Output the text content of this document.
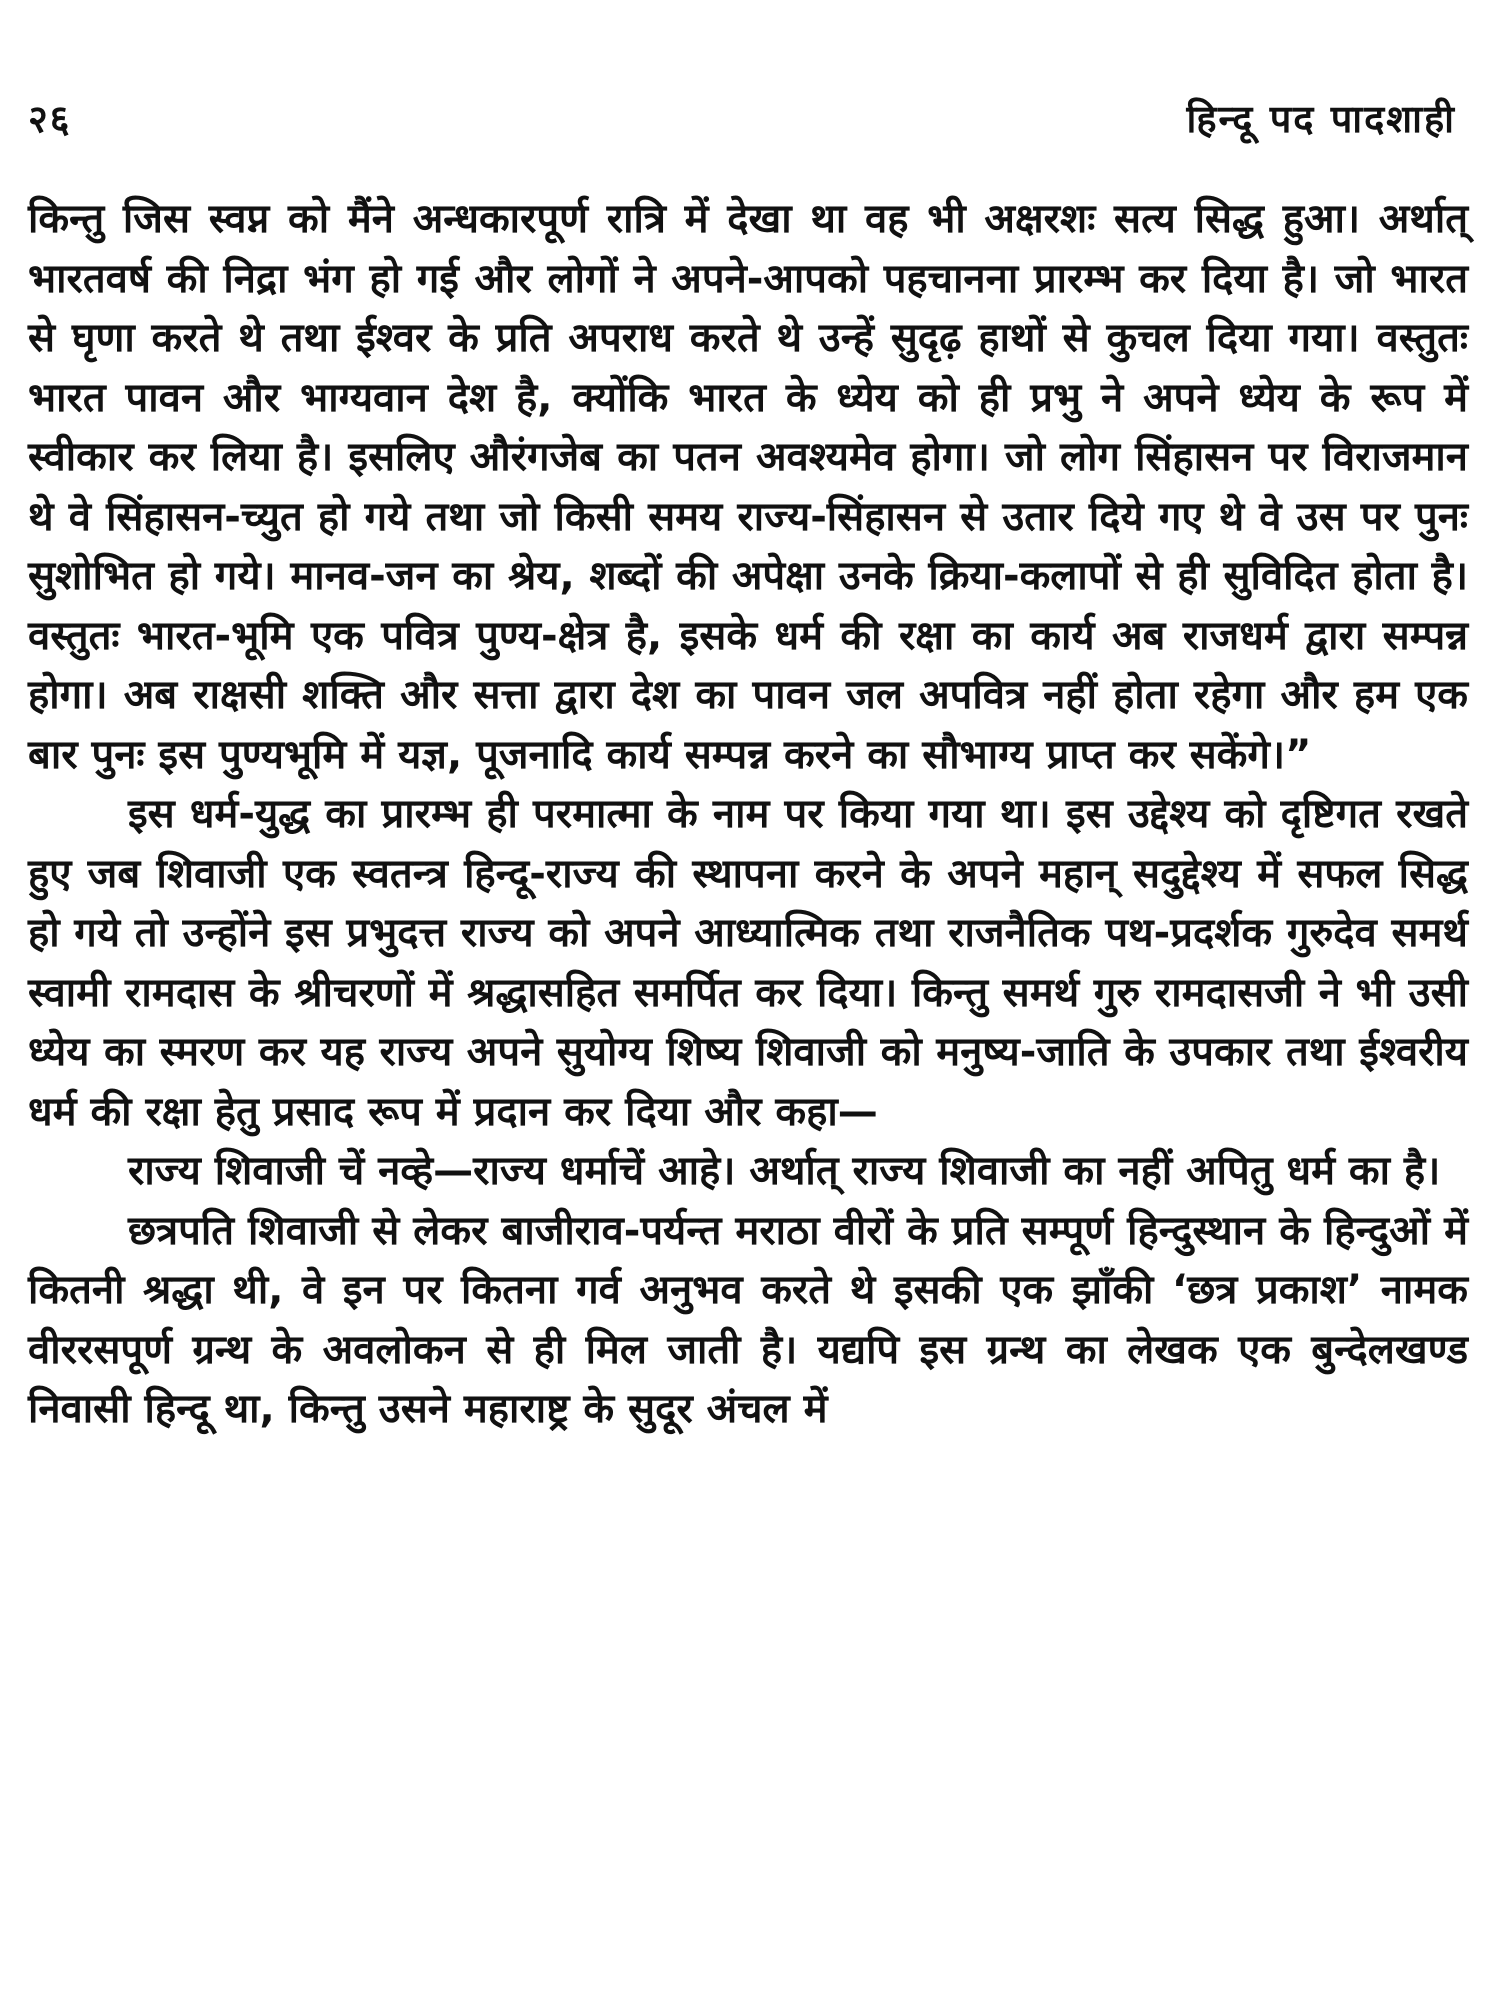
२६	हिन्दू पद पादशाही

किन्तु जिस स्वप्न को मैंने अन्धकारपूर्ण रात्रि में देखा था वह भी अक्षरशः सत्य सिद्ध हुआ। अर्थात् भारतवर्ष की निद्रा भंग हो गई और लोगों ने अपने-आपको पहचानना प्रारम्भ कर दिया है। जो भारत से घृणा करते थे तथा ईश्वर के प्रति अपराध करते थे उन्हें सुदृढ़ हाथों से कुचल दिया गया। वस्तुतः भारत पावन और भाग्यवान देश है, क्योंकि भारत के ध्येय को ही प्रभु ने अपने ध्येय के रूप में स्वीकार कर लिया है। इसलिए औरंगजेब का पतन अवश्यमेव होगा। जो लोग सिंहासन पर विराजमान थे वे सिंहासन-च्युत हो गये तथा जो किसी समय राज्य-सिंहासन से उतार दिये गए थे वे उस पर पुनः सुशोभित हो गये। मानव-जन का श्रेय, शब्दों की अपेक्षा उनके क्रिया-कलापों से ही सुविदित होता है। वस्तुतः भारत-भूमि एक पवित्र पुण्य-क्षेत्र है, इसके धर्म की रक्षा का कार्य अब राजधर्म द्वारा सम्पन्न होगा। अब राक्षसी शक्ति और सत्ता द्वारा देश का पावन जल अपवित्र नहीं होता रहेगा और हम एक बार पुनः इस पुण्यभूमि में यज्ञ, पूजनादि कार्य सम्पन्न करने का सौभाग्य प्राप्त कर सकेंगे।”

इस धर्म-युद्ध का प्रारम्भ ही परमात्मा के नाम पर किया गया था। इस उद्देश्य को दृष्टिगत रखते हुए जब शिवाजी एक स्वतन्त्र हिन्दू-राज्य की स्थापना करने के अपने महान् सदुद्देश्य में सफल सिद्ध हो गये तो उन्होंने इस प्रभुदत्त राज्य को अपने आध्यात्मिक तथा राजनैतिक पथ-प्रदर्शक गुरुदेव समर्थ स्वामी रामदास के श्रीचरणों में श्रद्धासहित समर्पित कर दिया। किन्तु समर्थ गुरु रामदासजी ने भी उसी ध्येय का स्मरण कर यह राज्य अपने सुयोग्य शिष्य शिवाजी को मनुष्य-जाति के उपकार तथा ईश्वरीय धर्म की रक्षा हेतु प्रसाद रूप में प्रदान कर दिया और कहा—

राज्य शिवाजी चें नव्हे—राज्य धर्माचें आहे। अर्थात् राज्य शिवाजी का नहीं अपितु धर्म का है।

छत्रपति शिवाजी से लेकर बाजीराव-पर्यन्त मराठा वीरों के प्रति सम्पूर्ण हिन्दुस्थान के हिन्दुओं में कितनी श्रद्धा थी, वे इन पर कितना गर्व अनुभव करते थे इसकी एक झाँकी ‘छत्र प्रकाश’ नामक वीररसपूर्ण ग्रन्थ के अवलोकन से ही मिल जाती है। यद्यपि इस ग्रन्थ का लेखक एक बुन्देलखण्ड निवासी हिन्दू था, किन्तु उसने महाराष्ट्र के सुदूर अंचल में
